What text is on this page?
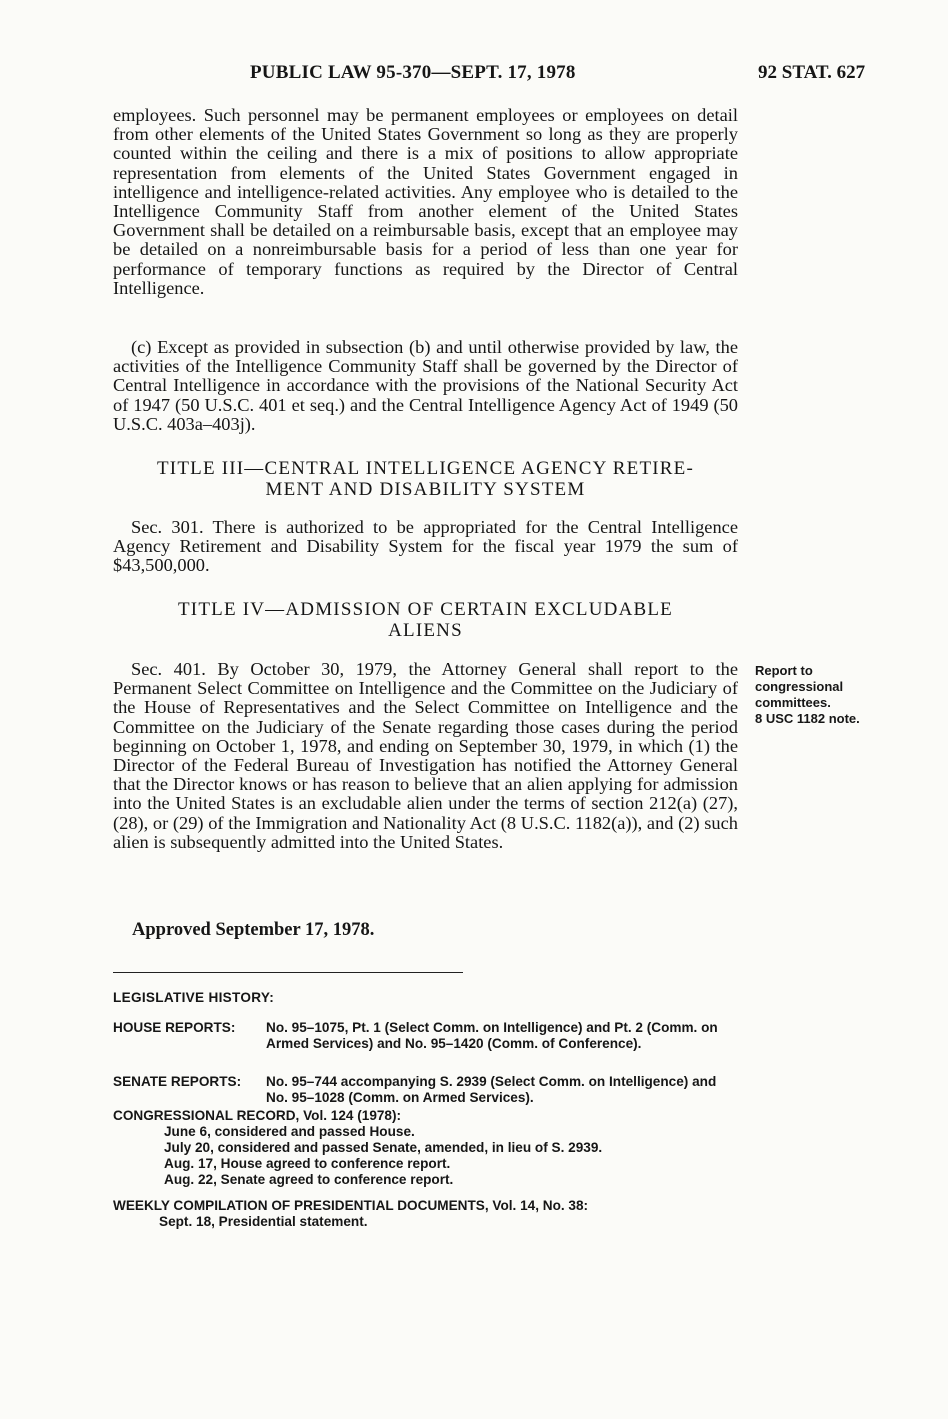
PUBLIC LAW 95-370—SEPT. 17, 1978	92 STAT. 627

employees. Such personnel may be permanent employees or employees on detail from other elements of the United States Government so long as they are properly counted within the ceiling and there is a mix of positions to allow appropriate representation from elements of the United States Government engaged in intelligence and intelligence-related activities. Any employee who is detailed to the Intelligence Community Staff from another element of the United States Government shall be detailed on a reimbursable basis, except that an employee may be detailed on a nonreimbursable basis for a period of less than one year for performance of temporary functions as required by the Director of Central Intelligence.

(c) Except as provided in subsection (b) and until otherwise provided by law, the activities of the Intelligence Community Staff shall be governed by the Director of Central Intelligence in accordance with the provisions of the National Security Act of 1947 (50 U.S.C. 401 et seq.) and the Central Intelligence Agency Act of 1949 (50 U.S.C. 403a–403j).

TITLE III—CENTRAL INTELLIGENCE AGENCY RETIRE-
MENT AND DISABILITY SYSTEM

Sec. 301. There is authorized to be appropriated for the Central Intelligence Agency Retirement and Disability System for the fiscal year 1979 the sum of $43,500,000.

TITLE IV—ADMISSION OF CERTAIN EXCLUDABLE
ALIENS

Sec. 401. By October 30, 1979, the Attorney General shall report to the Permanent Select Committee on Intelligence and the Committee on the Judiciary of the House of Representatives and the Select Committee on Intelligence and the Committee on the Judiciary of the Senate regarding those cases during the period beginning on October 1, 1978, and ending on September 30, 1979, in which (1) the Director of the Federal Bureau of Investigation has notified the Attorney General that the Director knows or has reason to believe that an alien applying for admission into the United States is an excludable alien under the terms of section 212(a) (27), (28), or (29) of the Immigration and Nationality Act (8 U.S.C. 1182(a)), and (2) such alien is subsequently admitted into the United States.

Report to
congressional
committees.
8 USC 1182 note.
Approved September 17, 1978.
LEGISLATIVE HISTORY:
HOUSE REPORTS: No. 95–1075, Pt. 1 (Select Comm. on Intelligence) and Pt. 2 (Comm. on Armed Services) and No. 95–1420 (Comm. of Conference).
SENATE REPORTS: No. 95–744 accompanying S. 2939 (Select Comm. on Intelligence) and No. 95–1028 (Comm. on Armed Services).
CONGRESSIONAL RECORD, Vol. 124 (1978):
June 6, considered and passed House.
July 20, considered and passed Senate, amended, in lieu of S. 2939.
Aug. 17, House agreed to conference report.
Aug. 22, Senate agreed to conference report.
WEEKLY COMPILATION OF PRESIDENTIAL DOCUMENTS, Vol. 14, No. 38:
Sept. 18, Presidential statement.
